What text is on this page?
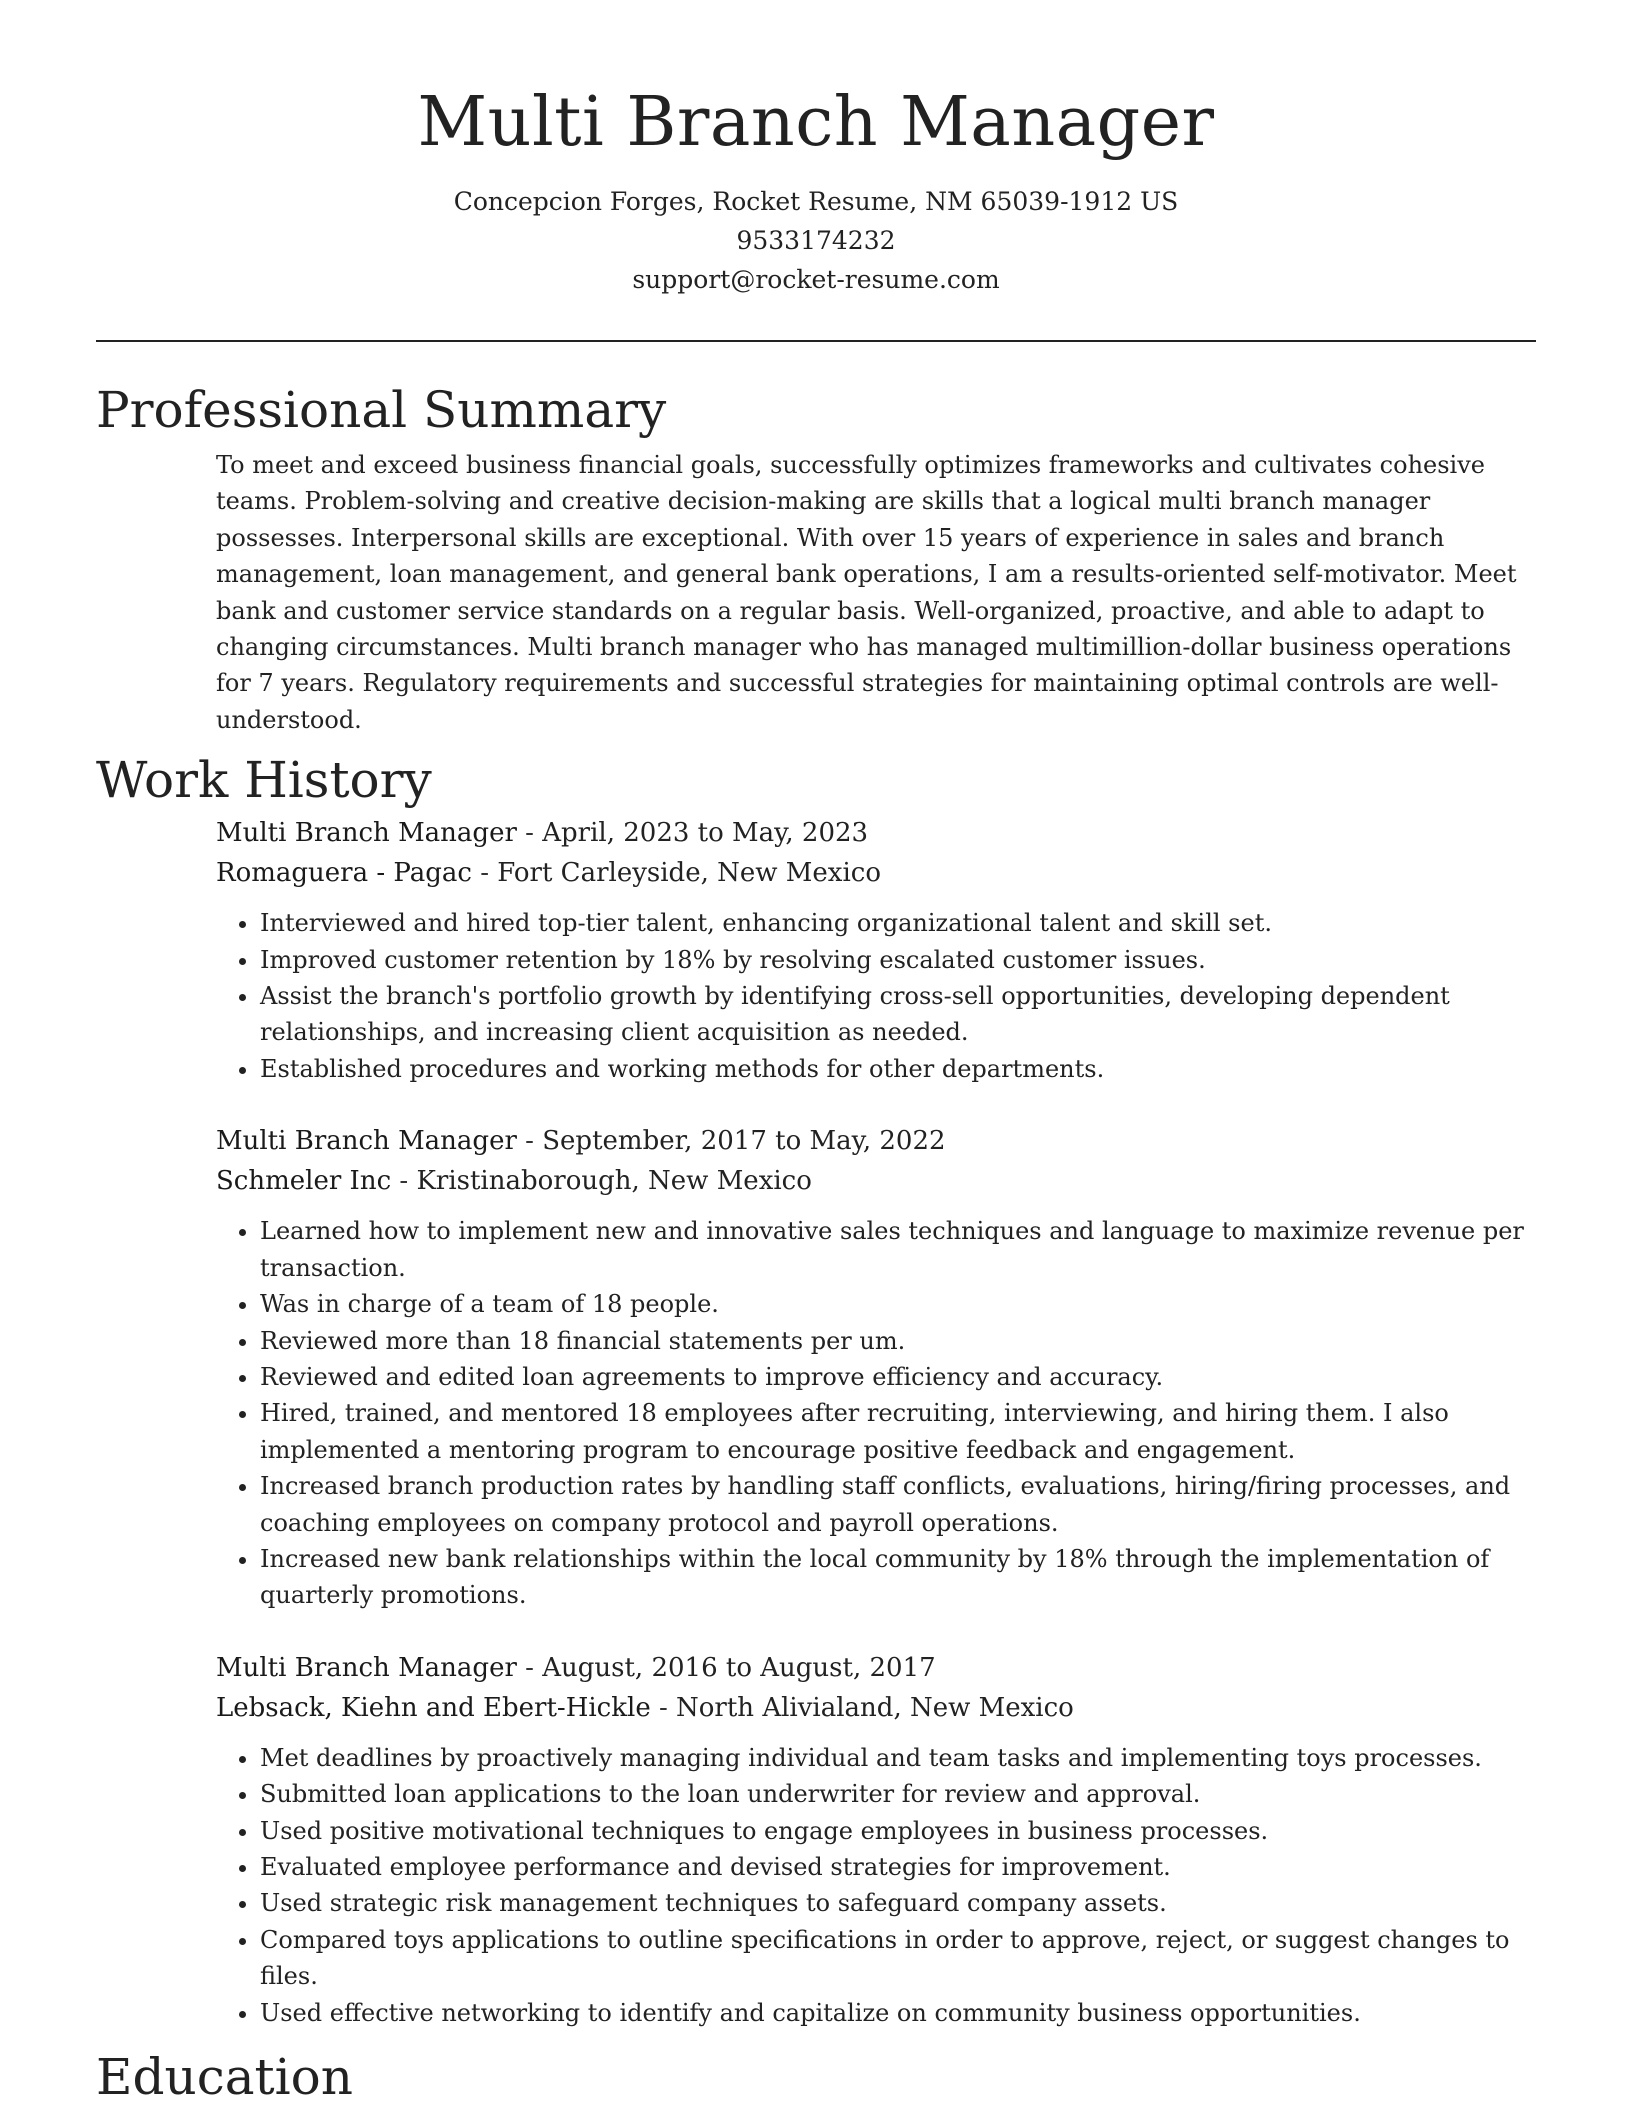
Multi Branch Manager
Concepcion Forges, Rocket Resume, NM 65039-1912 US
9533174232
support@rocket-resume.com
Professional Summary

To meet and exceed business financial goals, successfully optimizes frameworks and cultivates cohesive teams. Problem-solving and creative decision-making are skills that a logical multi branch manager possesses. Interpersonal skills are exceptional. With over 15 years of experience in sales and branch management, loan management, and general bank operations, I am a results-oriented self-motivator. Meet bank and customer service standards on a regular basis. Well-organized, proactive, and able to adapt to changing circumstances. Multi branch manager who has managed multimillion-dollar business operations for 7 years. Regulatory requirements and successful strategies for maintaining optimal controls are well-understood.

Work History
Multi Branch Manager - April, 2023 to May, 2023
Romaguera - Pagac - Fort Carleyside, New Mexico
• Interviewed and hired top-tier talent, enhancing organizational talent and skill set.
• Improved customer retention by 18% by resolving escalated customer issues.
• Assist the branch's portfolio growth by identifying cross-sell opportunities, developing dependent relationships, and increasing client acquisition as needed.
• Established procedures and working methods for other departments.
Multi Branch Manager - September, 2017 to May, 2022
Schmeler Inc - Kristinaborough, New Mexico
• Learned how to implement new and innovative sales techniques and language to maximize revenue per transaction.
• Was in charge of a team of 18 people.
• Reviewed more than 18 financial statements per um.
• Reviewed and edited loan agreements to improve efficiency and accuracy.
• Hired, trained, and mentored 18 employees after recruiting, interviewing, and hiring them. I also implemented a mentoring program to encourage positive feedback and engagement.
• Increased branch production rates by handling staff conflicts, evaluations, hiring/firing processes, and coaching employees on company protocol and payroll operations.
• Increased new bank relationships within the local community by 18% through the implementation of quarterly promotions.
Multi Branch Manager - August, 2016 to August, 2017
Lebsack, Kiehn and Ebert-Hickle - North Alivialand, New Mexico
• Met deadlines by proactively managing individual and team tasks and implementing toys processes.
• Submitted loan applications to the loan underwriter for review and approval.
• Used positive motivational techniques to engage employees in business processes.
• Evaluated employee performance and devised strategies for improvement.
• Used strategic risk management techniques to safeguard company assets.
• Compared toys applications to outline specifications in order to approve, reject, or suggest changes to files.
• Used effective networking to identify and capitalize on community business opportunities.
Education
